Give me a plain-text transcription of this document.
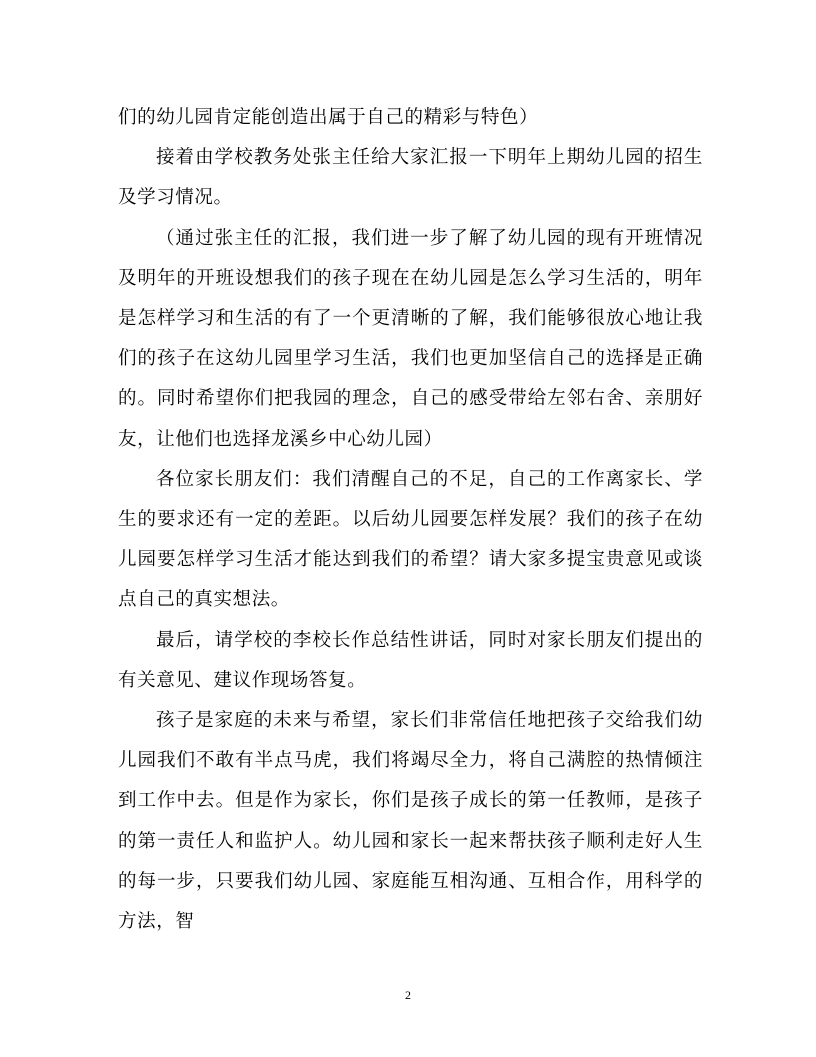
们的幼儿园肯定能创造出属于自己的精彩与特色）

接着由学校教务处张主任给大家汇报一下明年上期幼儿园的招生及学习情况。

（通过张主任的汇报，我们进一步了解了幼儿园的现有开班情况及明年的开班设想我们的孩子现在在幼儿园是怎么学习生活的，明年是怎样学习和生活的有了一个更清晰的了解，我们能够很放心地让我们的孩子在这幼儿园里学习生活，我们也更加坚信自己的选择是正确的。同时希望你们把我园的理念，自己的感受带给左邻右舍、亲朋好友，让他们也选择龙溪乡中心幼儿园）

各位家长朋友们：我们清醒自己的不足，自己的工作离家长、学生的要求还有一定的差距。以后幼儿园要怎样发展？我们的孩子在幼儿园要怎样学习生活才能达到我们的希望？请大家多提宝贵意见或谈点自己的真实想法。

最后，请学校的李校长作总结性讲话，同时对家长朋友们提出的有关意见、建议作现场答复。

孩子是家庭的未来与希望，家长们非常信任地把孩子交给我们幼儿园我们不敢有半点马虎，我们将竭尽全力，将自己满腔的热情倾注到工作中去。但是作为家长，你们是孩子成长的第一任教师，是孩子的第一责任人和监护人。幼儿园和家长一起来帮扶孩子顺利走好人生的每一步，只要我们幼儿园、家庭能互相沟通、互相合作，用科学的方法，智

2
